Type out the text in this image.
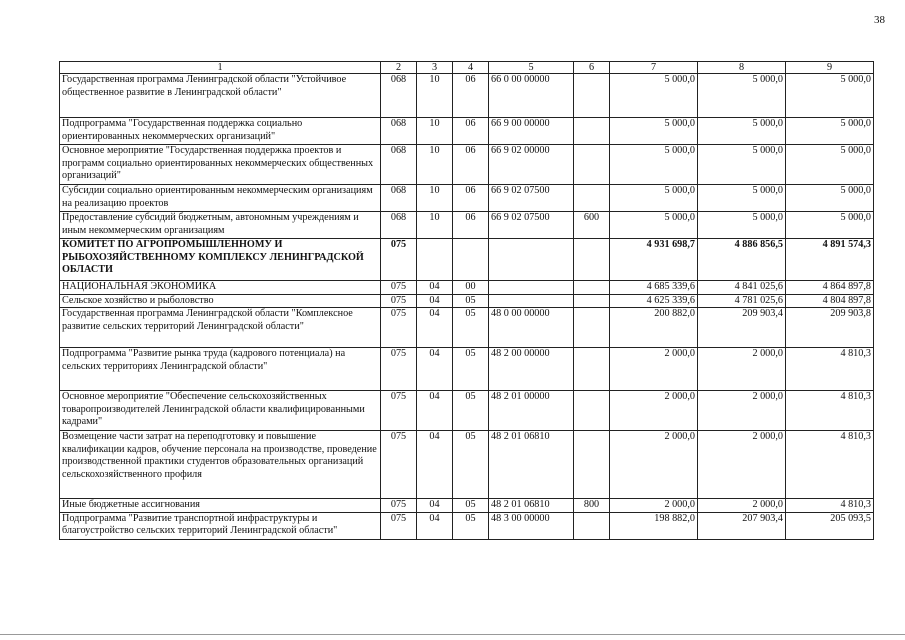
38
1	2	3	4	5	6	7	8	9
Государственная программа Ленинградской области "Устойчивое общественное развитие в Ленинградской области"	068	10	06	66 0 00 00000		5 000,0	5 000,0	5 000,0
Подпрограмма "Государственная поддержка социально ориентированных некоммерческих организаций"	068	10	06	66 9 00 00000		5 000,0	5 000,0	5 000,0
Основное мероприятие "Государственная поддержка проектов и программ социально ориентированных некоммерческих общественных организаций"	068	10	06	66 9 02 00000		5 000,0	5 000,0	5 000,0
Субсидии социально ориентированным некоммерческим организациям на реализацию проектов	068	10	06	66 9 02 07500		5 000,0	5 000,0	5 000,0
Предоставление субсидий бюджетным, автономным учреждениям и иным некоммерческим организациям	068	10	06	66 9 02 07500	600	5 000,0	5 000,0	5 000,0
КОМИТЕТ ПО АГРОПРОМЫШЛЕННОМУ И РЫБОХОЗЯЙСТВЕННОМУ КОМПЛЕКСУ ЛЕНИНГРАДСКОЙ ОБЛАСТИ	075					4 931 698,7	4 886 856,5	4 891 574,3
НАЦИОНАЛЬНАЯ ЭКОНОМИКА	075	04	00			4 685 339,6	4 841 025,6	4 864 897,8
Сельское хозяйство и рыболовство	075	04	05			4 625 339,6	4 781 025,6	4 804 897,8
Государственная программа Ленинградской области "Комплексное развитие сельских территорий Ленинградской области"	075	04	05	48 0 00 00000		200 882,0	209 903,4	209 903,8
Подпрограмма "Развитие рынка труда (кадрового потенциала) на сельских территориях Ленинградской области"	075	04	05	48 2 00 00000		2 000,0	2 000,0	4 810,3
Основное мероприятие "Обеспечение сельскохозяйственных товаропроизводителей Ленинградской области квалифицированными кадрами"	075	04	05	48 2 01 00000		2 000,0	2 000,0	4 810,3
Возмещение части затрат на переподготовку и повышение квалификации кадров, обучение персонала на производстве, проведение производственной практики студентов образовательных организаций сельскохозяйственного профиля	075	04	05	48 2 01 06810		2 000,0	2 000,0	4 810,3
Иные бюджетные ассигнования	075	04	05	48 2 01 06810	800	2 000,0	2 000,0	4 810,3
Подпрограмма "Развитие транспортной инфраструктуры и благоустройство сельских территорий Ленинградской области"	075	04	05	48 3 00 00000		198 882,0	207 903,4	205 093,5
